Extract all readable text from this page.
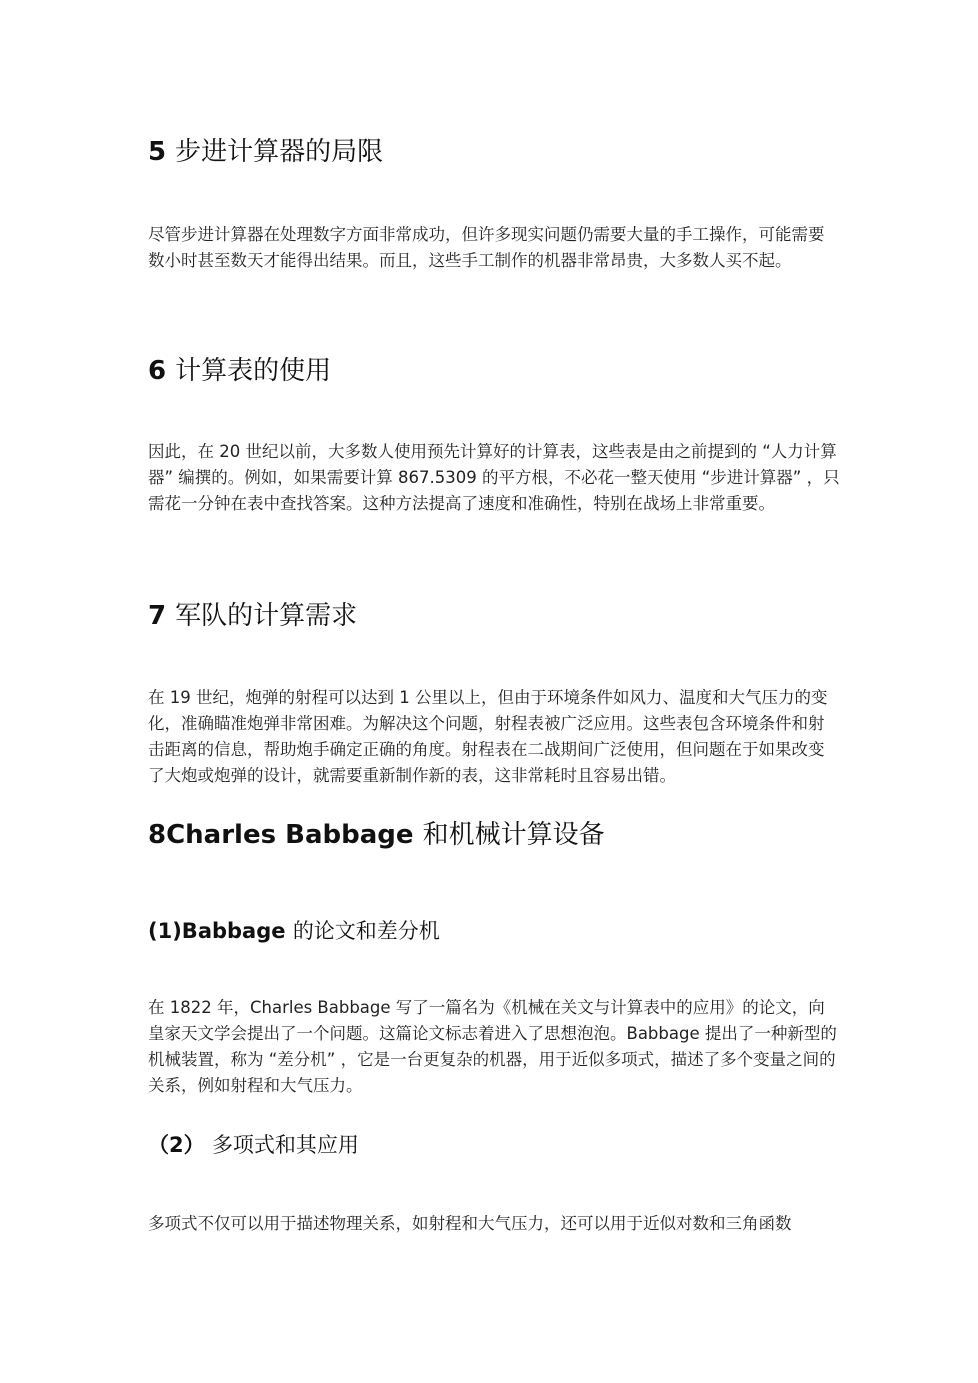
5 步进计算器的局限

尽管步进计算器在处理数字方面非常成功，但许多现实问题仍需要大量的手工操作，可能需要数小时甚至数天才能得出结果。而且，这些手工制作的机器非常昂贵，大多数人买不起。

6 计算表的使用

因此，在 20 世纪以前，大多数人使用预先计算好的计算表，这些表是由之前提到的 “人力计算器” 编撰的。例如，如果需要计算 867.5309 的平方根，不必花一整天使用 “步进计算器” ，只需花一分钟在表中查找答案。这种方法提高了速度和准确性，特别在战场上非常重要。

7 军队的计算需求

在 19 世纪，炮弹的射程可以达到 1 公里以上，但由于环境条件如风力、温度和大气压力的变化，准确瞄准炮弹非常困难。为解决这个问题，射程表被广泛应用。这些表包含环境条件和射击距离的信息，帮助炮手确定正确的角度。射程表在二战期间广泛使用，但问题在于如果改变了大炮或炮弹的设计，就需要重新制作新的表，这非常耗时且容易出错。

8Charles Babbage 和机械计算设备
(1)Babbage 的论文和差分机

在 1822 年，Charles Babbage 写了一篇名为《机械在关文与计算表中的应用》的论文，向皇家天文学会提出了一个问题。这篇论文标志着进入了思想泡泡。Babbage 提出了一种新型的机械装置，称为 “差分机” ，它是一台更复杂的机器，用于近似多项式，描述了多个变量之间的关系，例如射程和大气压力。

（2） 多项式和其应用

多项式不仅可以用于描述物理关系，如射程和大气压力，还可以用于近似对数和三角函数
